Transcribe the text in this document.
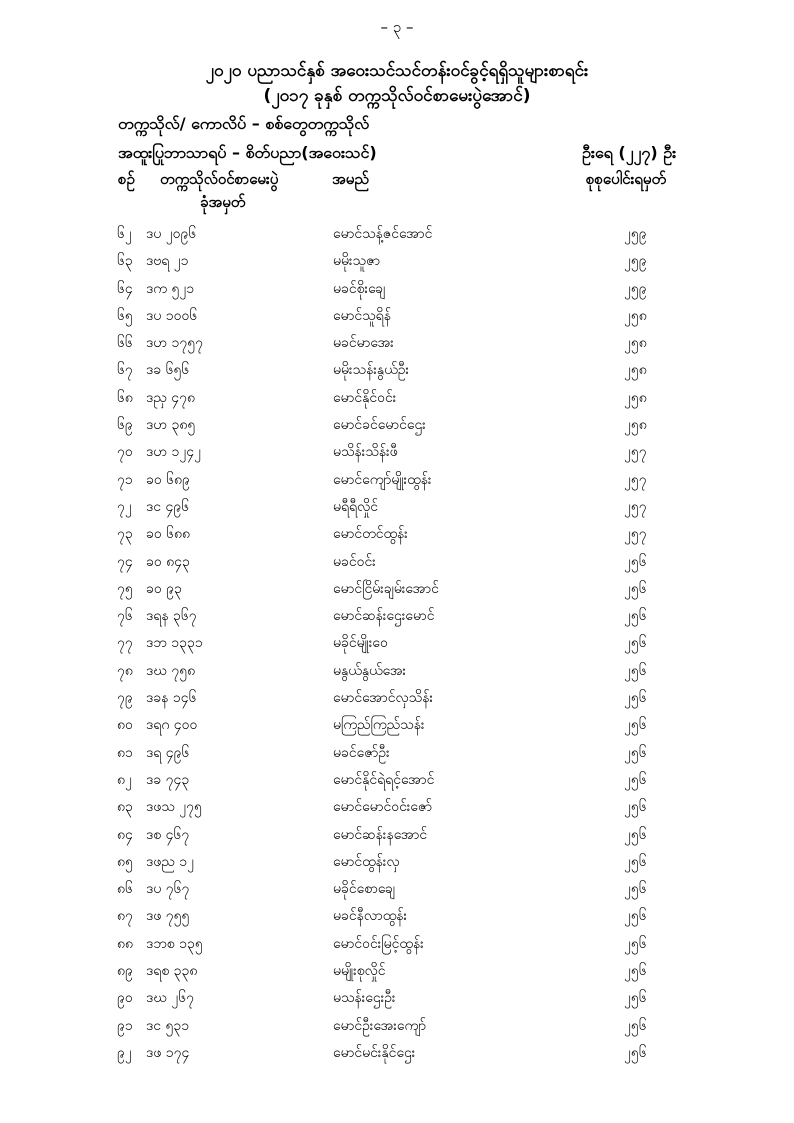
– ၃ –
၂၀၂၀ ပညာသင်နှစ် အဝေးသင်သင်တန်းဝင်ခွင့်ရရှိသူများစာရင်း
(၂၀၁၇ ခုနှစ် တက္ကသိုလ်ဝင်စာမေးပွဲအောင်)
တက္ကသိုလ်/ ကောလိပ် – စစ်တွေတက္ကသိုလ်
အထူးပြုဘာသာရပ် – စိတ်ပညာ(အဝေးသင်)	ဦးရေ (၂၂၇) ဦး
စဉ် တက္ကသိုလ်ဝင်စာမေးပွဲ
ခုံအမှတ်
အမည်	စုစုပေါင်းရမှတ်
၆၂ ဒပ ၂၀၉၆	မောင်သန့်ဇင်အောင်	၂၅၉
၆၃ ဒဗရ ၂၁	မမိုးသူဇာ	၂၅၉
၆၄ ဒက ၅၂၁	မခင်စိုးချေ	၂၅၉
၆၅ ဒပ ၁၀၀၆	မောင်သူရိန်	၂၅၈
၆၆ ဒဟ ၁၇၅၇	မခင်မာအေး	၂၅၈
၆၇ ဒခ ၆၅၆	မမိုးသန်းနွယ်ဦး	၂၅၈
၆၈ ဒညှ ၄၇၈	မောင်နိုင်ဝင်း	၂၅၈
၆၉ ဒဟ ၃၈၅	မောင်ခင်မောင်ဌေး	၂၅၈
၇၀ ဒဟ ၁၂၄၂	မသိန်းသိန်းဖီ	၂၅၇
၇၁ ခဝ ၆၈၉	မောင်ကျော်မျိုးထွန်း	၂၅၇
၇၂ ဒင ၄၉၆	မရီရီလှိုင်	၂၅၇
၇၃ ခဝ ၆၈၈	မောင်တင်ထွန်း	၂၅၇
၇၄ ခဝ ၈၄၃	မခင်ဝင်း	၂၅၆
၇၅ ခဝ ၉၃	မောင်ငြိမ်းချမ်းအောင်	၂၅၆
၇၆ ဒရန ၃၆၇	မောင်ဆန်းဌေးမောင်	၂၅၆
၇၇ ဒဘ ၁၃၃၁	မခိုင်မျိုးဝေ	၂၅၆
၇၈ ဒဃ ၇၅၈	မနွယ်နွယ်အေး	၂၅၆
၇၉ ဒခန ၁၄၆	မောင်အောင်လှသိန်း	၂၅၆
၈၀ ဒရဂ ၄၀၀	မကြည်ကြည်သန်း	၂၅၆
၈၁ ဒရ ၄၉၆	မခင်ဇော်ဦး	၂၅၆
၈၂ ဒခ ၇၄၃	မောင်နိုင်ရဲရင့်အောင်	၂၅၆
၈၃ ဒဖသ ၂၇၅	မောင်မောင်ဝင်းဇော်	၂၅၆
၈၄ ဒစ ၄၆၇	မောင်ဆန်းနအောင်	၂၅၆
၈၅ ဒဖည ၁၂	မောင်ထွန်းလှ	၂၅၆
၈၆ ဒပ ၇၆၇	မခိုင်စောချေ	၂၅၆
၈၇ ဒဖ ၇၅၅	မခင်နီလာထွန်း	၂၅၆
၈၈ ဒဘစ ၁၃၅	မောင်ဝင်းမြင့်ထွန်း	၂၅၆
၈၉ ဒရစ ၃၃၈	မမျိုးစုလှိုင်	၂၅၆
၉၀ ဒဃ ၂၆၇	မသန်းဌေးဦး	၂၅၆
၉၁ ဒင ၅၃၁	မောင်ဦးအေးကျော်	၂၅၆
၉၂ ဒဖ ၁၇၄	မောင်မင်းနိုင်ဌေး	၂၅၆
